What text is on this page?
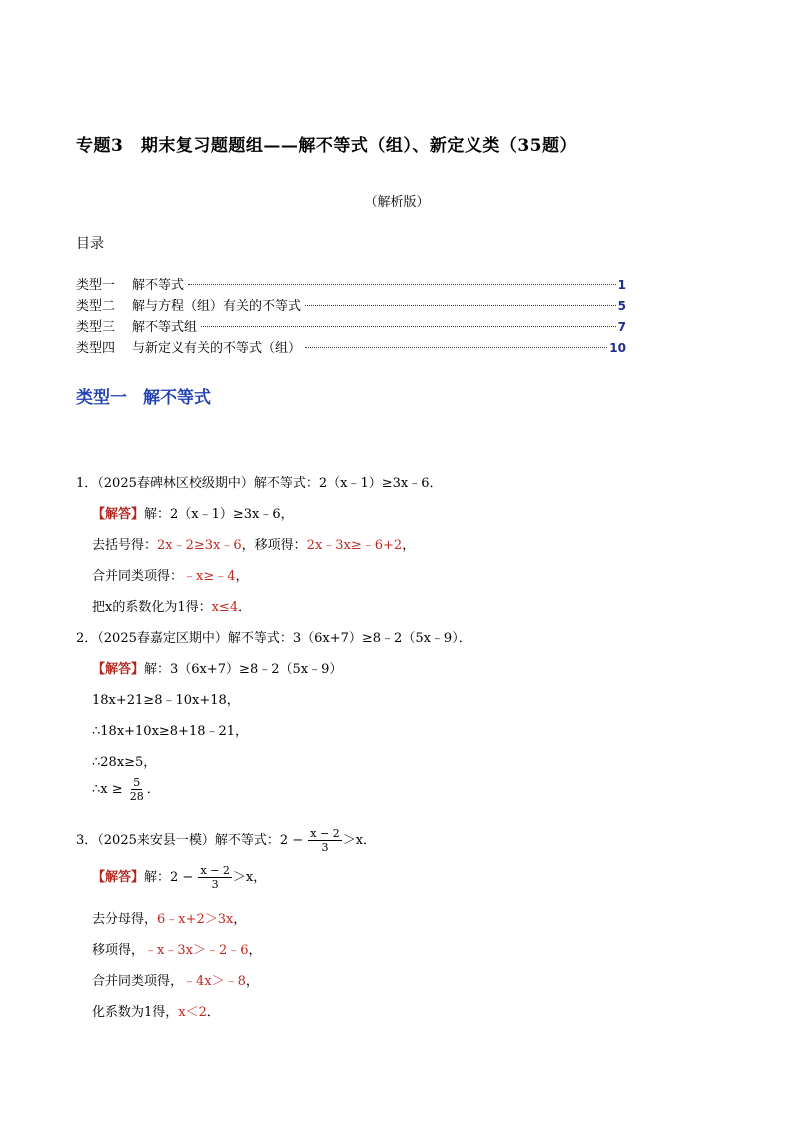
专题3　期末复习题题组——解不等式（组）、新定义类（35题）
（解析版）
目录
类型一	解不等式	1
类型二	解与方程（组）有关的不等式	5
类型三	解不等式组	7
类型四	与新定义有关的不等式（组）	10
类型一 解不等式
1．（2025春碑林区校级期中）解不等式：2（x﹣1）≥3x﹣6．
【解答】解：2（x﹣1）≥3x﹣6，
去括号得：2x﹣2≥3x﹣6，移项得：2x﹣3x≥﹣6+2，
合并同类项得：﹣x≥﹣4，
把x的系数化为1得：x≤4．
2．（2025春嘉定区期中）解不等式：3（6x+7）≥8﹣2（5x﹣9）．
【解答】解：3（6x+7）≥8﹣2（5x﹣9）
18x+21≥8﹣10x+18，
∴18x+10x≥8+18﹣21，
∴28x≥5，
∴x ≥ $\frac{5}{28}$ ．
3．（2025来安县一模）解不等式：$2 - \frac{x - 2}{3} >x$．
【解答】解：$2 - \frac{x - 2}{3} >x$，
去分母得，6﹣x+2＞3x，
移项得，﹣x﹣3x＞﹣2﹣6，
合并同类项得，﹣4x＞﹣8，
化系数为1得，x＜2．
